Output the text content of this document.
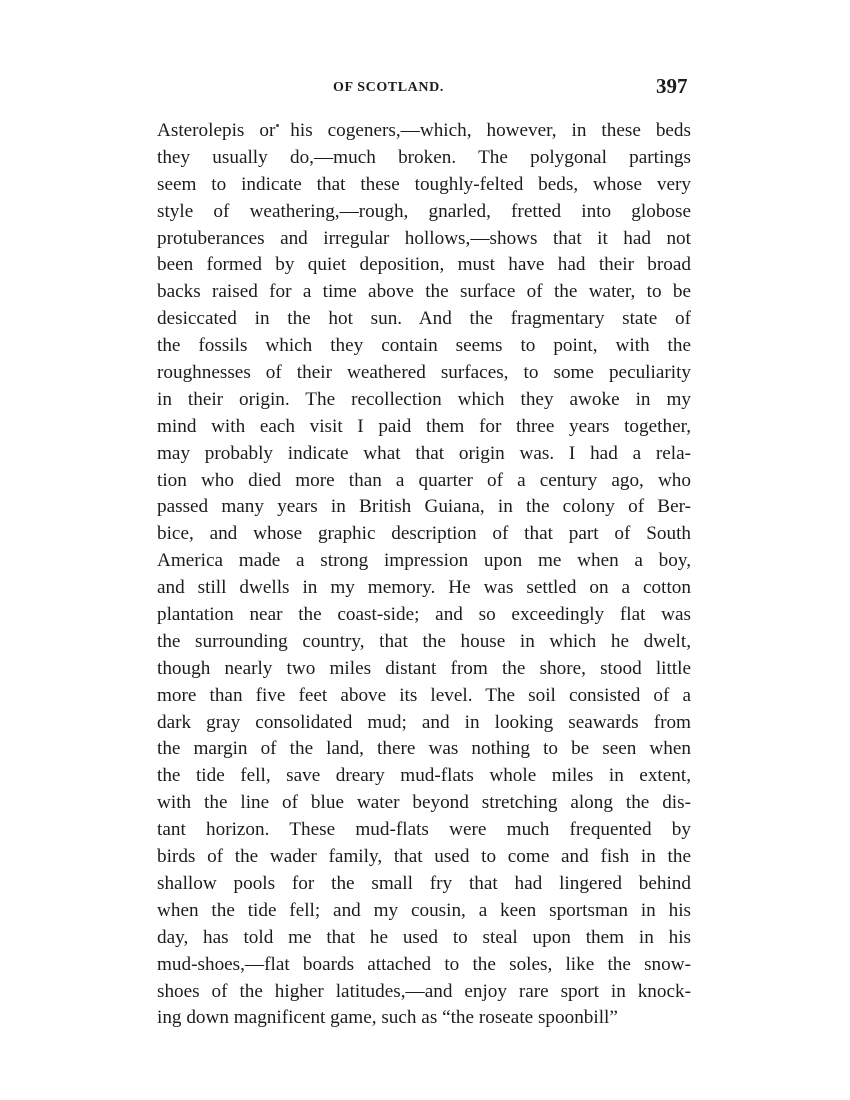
OF SCOTLAND.	397
Asterolepis or his cogeners,—which, however, in these beds
they usually do,—much broken. The polygonal partings
seem to indicate that these toughly-felted beds, whose very
style of weathering,—rough, gnarled, fretted into globose
protuberances and irregular hollows,—shows that it had not
been formed by quiet deposition, must have had their broad
backs raised for a time above the surface of the water, to be
desiccated in the hot sun. And the fragmentary state of
the fossils which they contain seems to point, with the
roughnesses of their weathered surfaces, to some peculiarity
in their origin. The recollection which they awoke in my
mind with each visit I paid them for three years together,
may probably indicate what that origin was. I had a rela-
tion who died more than a quarter of a century ago, who
passed many years in British Guiana, in the colony of Ber-
bice, and whose graphic description of that part of South
America made a strong impression upon me when a boy,
and still dwells in my memory. He was settled on a cotton
plantation near the coast-side; and so exceedingly flat was
the surrounding country, that the house in which he dwelt,
though nearly two miles distant from the shore, stood little
more than five feet above its level. The soil consisted of a
dark gray consolidated mud; and in looking seawards from
the margin of the land, there was nothing to be seen when
the tide fell, save dreary mud-flats whole miles in extent,
with the line of blue water beyond stretching along the dis-
tant horizon. These mud-flats were much frequented by
birds of the wader family, that used to come and fish in the
shallow pools for the small fry that had lingered behind
when the tide fell; and my cousin, a keen sportsman in his
day, has told me that he used to steal upon them in his
mud-shoes,—flat boards attached to the soles, like the snow-
shoes of the higher latitudes,—and enjoy rare sport in knock-
ing down magnificent game, such as “the roseate spoonbill”
